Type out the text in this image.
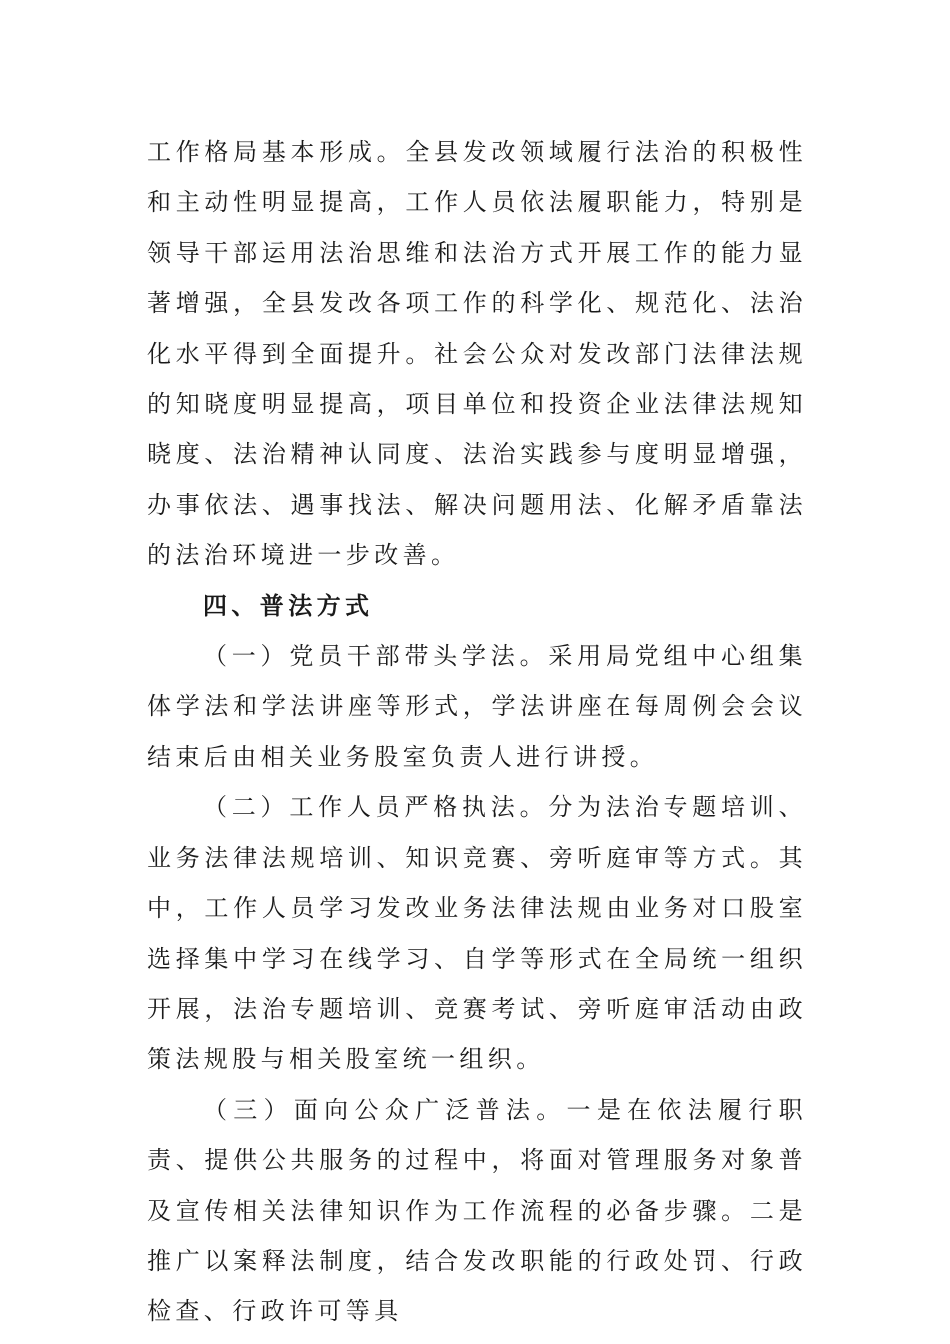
工作格局基本形成。全县发改领域履行法治的积极性和主动性明显提高，工作人员依法履职能力，特别是领导干部运用法治思维和法治方式开展工作的能力显著增强，全县发改各项工作的科学化、规范化、法治化水平得到全面提升。社会公众对发改部门法律法规的知晓度明显提高，项目单位和投资企业法律法规知晓度、法治精神认同度、法治实践参与度明显增强，办事依法、遇事找法、解决问题用法、化解矛盾靠法的法治环境进一步改善。

四、普法方式

（一）党员干部带头学法。采用局党组中心组集体学法和学法讲座等形式，学法讲座在每周例会会议结束后由相关业务股室负责人进行讲授。

（二）工作人员严格执法。分为法治专题培训、业务法律法规培训、知识竞赛、旁听庭审等方式。其中，工作人员学习发改业务法律法规由业务对口股室选择集中学习在线学习、自学等形式在全局统一组织开展，法治专题培训、竞赛考试、旁听庭审活动由政策法规股与相关股室统一组织。

（三）面向公众广泛普法。一是在依法履行职责、提供公共服务的过程中，将面对管理服务对象普及宣传相关法律知识作为工作流程的必备步骤。二是推广以案释法制度，结合发改职能的行政处罚、行政检查、行政许可等具
